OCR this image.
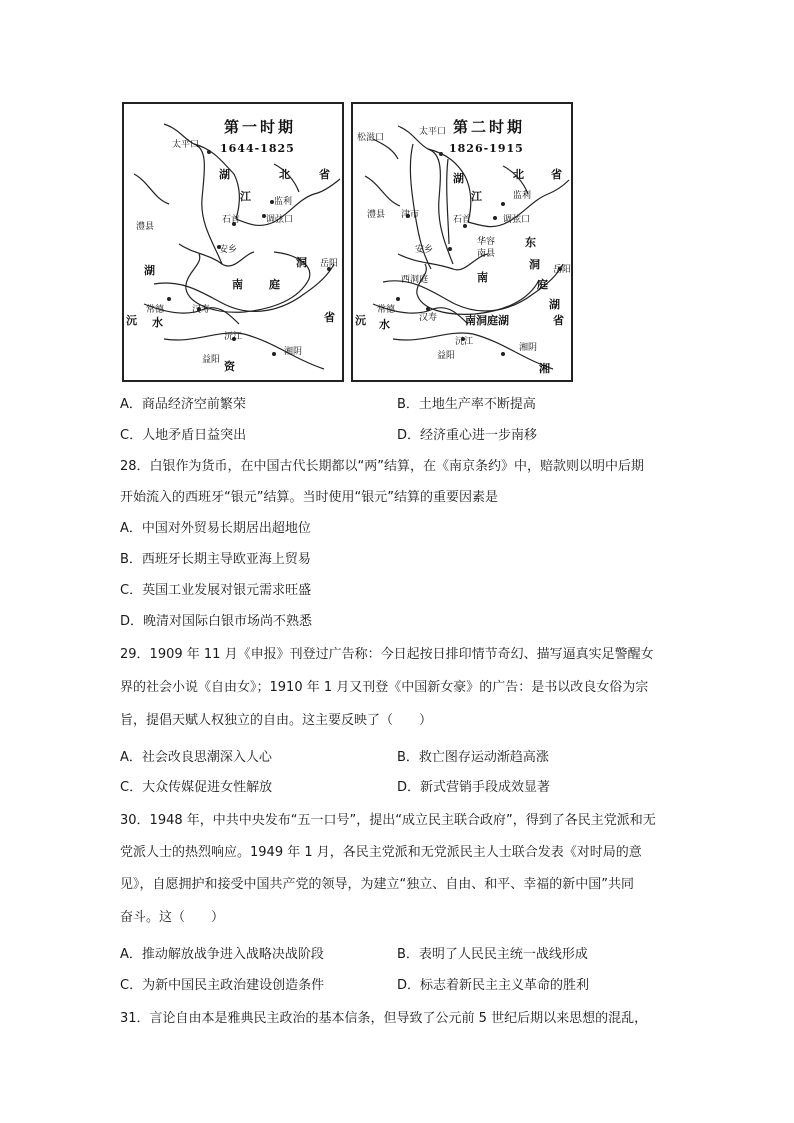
第一时期
1644-1825
太平口
湖	北	省
江	监利
石首	调弦口
澧县
安乡
岳阳
洞
南 庭
湖
常德	汉寿
沅 水
沅江
益阳
湘阴
资
省
第二时期
1826-1915
松滋口
太平口
湖	北 省
江	监利
津市
澧县	石首	调弦口
安乡
华容
南县
东
洞
庭
湖
岳阳
西洞庭	南
常德
汉寿	南洞庭湖
沅江
益阳
湘阴
省
沅 水
湘
A．商品经济空前繁荣	B．土地生产率不断提高
C．人地矛盾日益突出	D．经济重心进一步南移
28．白银作为货币，在中国古代长期都以“两”结算，在《南京条约》中，赔款则以明中后期
开始流入的西班牙“银元”结算。当时使用“银元”结算的重要因素是
A．中国对外贸易长期居出超地位
B．西班牙长期主导欧亚海上贸易
C．英国工业发展对银元需求旺盛
D．晚清对国际白银市场尚不熟悉
29．1909 年 11 月《申报》刊登过广告称：今日起按日排印情节奇幻、描写逼真实足警醒女
界的社会小说《自由女》；1910 年 1 月又刊登《中国新女豪》的广告：是书以改良女俗为宗
旨，提倡天赋人权独立的自由。这主要反映了（　　）
A．社会改良思潮深入人心	B．救亡图存运动渐趋高涨
C．大众传媒促进女性解放	D．新式营销手段成效显著
30．1948 年，中共中央发布“五一口号”，提出“成立民主联合政府”，得到了各民主党派和无
党派人士的热烈响应。1949 年 1 月，各民主党派和无党派民主人士联合发表《对时局的意
见》，自愿拥护和接受中国共产党的领导，为建立“独立、自由、和平、幸福的新中国”共同
奋斗。这（　　）
A．推动解放战争进入战略决战阶段	B．表明了人民民主统一战线形成
C．为新中国民主政治建设创造条件	D．标志着新民主主义革命的胜利
31．言论自由本是雅典民主政治的基本信条，但导致了公元前 5 世纪后期以来思想的混乱，
